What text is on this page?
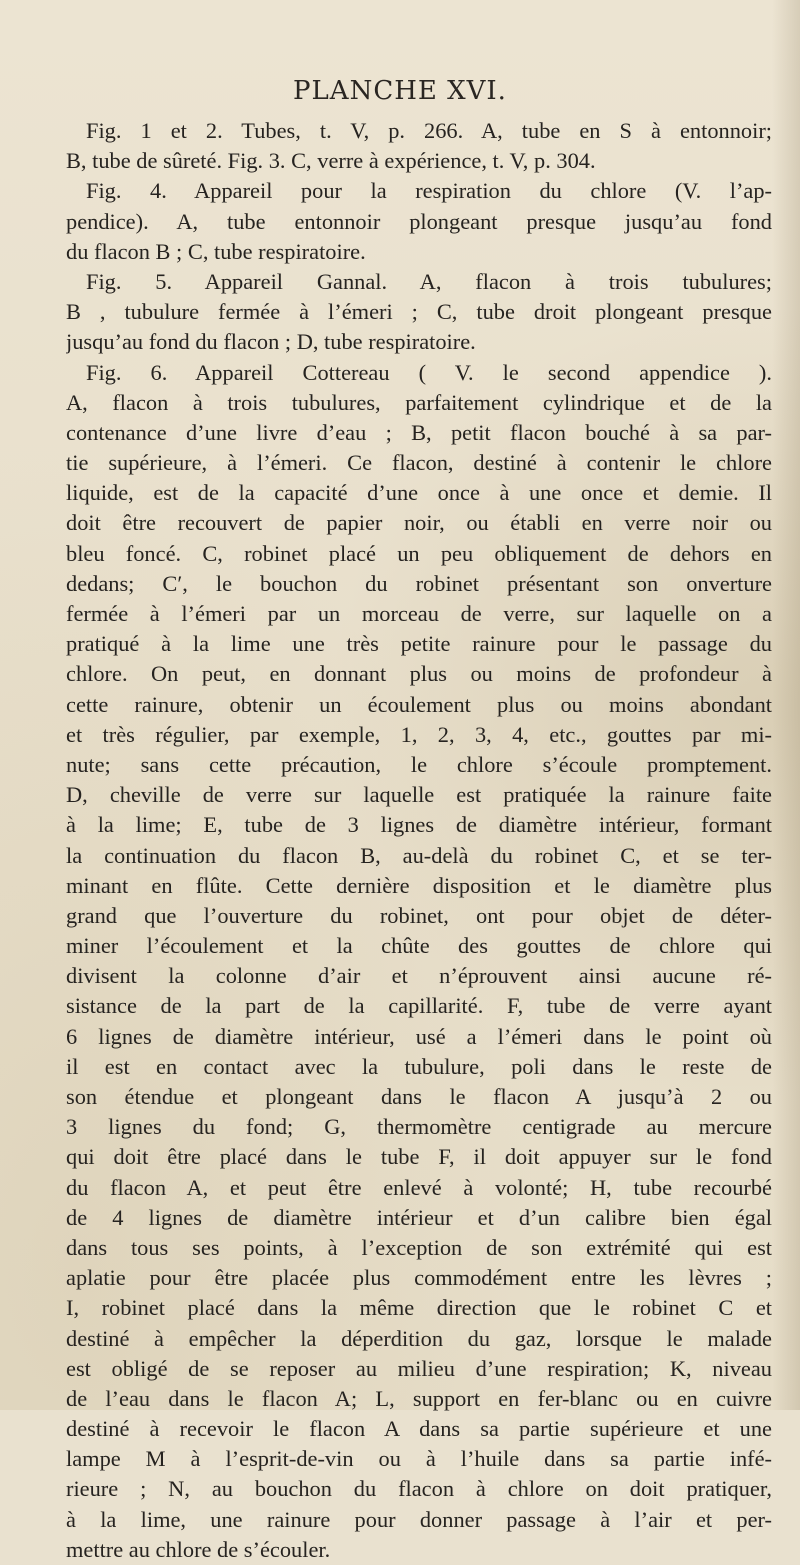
PLANCHE XVI.
Fig. 1 et 2. Tubes, t. V, p. 266. A, tube en S à entonnoir;
B, tube de sûreté. Fig. 3. C, verre à expérience, t. V, p. 304.
Fig. 4. Appareil pour la respiration du chlore (V. l’ap-
pendice). A, tube entonnoir plongeant presque jusqu’au fond
du flacon B ; C, tube respiratoire.
Fig. 5. Appareil Gannal. A, flacon à trois tubulures;
B , tubulure fermée à l’émeri ; C, tube droit plongeant presque
jusqu’au fond du flacon ; D, tube respiratoire.
Fig. 6. Appareil Cottereau ( V. le second appendice ).
A, flacon à trois tubulures, parfaitement cylindrique et de la
contenance d’une livre d’eau ; B, petit flacon bouché à sa par-
tie supérieure, à l’émeri. Ce flacon, destiné à contenir le chlore
liquide, est de la capacité d’une once à une once et demie. Il
doit être recouvert de papier noir, ou établi en verre noir ou
bleu foncé. C, robinet placé un peu obliquement de dehors en
dedans; C′, le bouchon du robinet présentant son onverture
fermée à l’émeri par un morceau de verre, sur laquelle on a
pratiqué à la lime une très petite rainure pour le passage du
chlore. On peut, en donnant plus ou moins de profondeur à
cette rainure, obtenir un écoulement plus ou moins abondant
et très régulier, par exemple, 1, 2, 3, 4, etc., gouttes par mi-
nute; sans cette précaution, le chlore s’écoule promptement.
D, cheville de verre sur laquelle est pratiquée la rainure faite
à la lime; E, tube de 3 lignes de diamètre intérieur, formant
la continuation du flacon B, au-delà du robinet C, et se ter-
minant en flûte. Cette dernière disposition et le diamètre plus
grand que l’ouverture du robinet, ont pour objet de déter-
miner l’écoulement et la chûte des gouttes de chlore qui
divisent la colonne d’air et n’éprouvent ainsi aucune ré-
sistance de la part de la capillarité. F, tube de verre ayant
6 lignes de diamètre intérieur, usé a l’émeri dans le point où
il est en contact avec la tubulure, poli dans le reste de
son étendue et plongeant dans le flacon A jusqu’à 2 ou
3 lignes du fond; G, thermomètre centigrade au mercure
qui doit être placé dans le tube F, il doit appuyer sur le fond
du flacon A, et peut être enlevé à volonté; H, tube recourbé
de 4 lignes de diamètre intérieur et d’un calibre bien égal
dans tous ses points, à l’exception de son extrémité qui est
aplatie pour être placée plus commodément entre les lèvres ;
I, robinet placé dans la même direction que le robinet C et
destiné à empêcher la déperdition du gaz, lorsque le malade
est obligé de se reposer au milieu d’une respiration; K, niveau
de l’eau dans le flacon A; L, support en fer-blanc ou en cuivre
destiné à recevoir le flacon A dans sa partie supérieure et une
lampe M à l’esprit-de-vin ou à l’huile dans sa partie infé-
rieure ; N, au bouchon du flacon à chlore on doit pratiquer,
à la lime, une rainure pour donner passage à l’air et per-
mettre au chlore de s’écouler.
